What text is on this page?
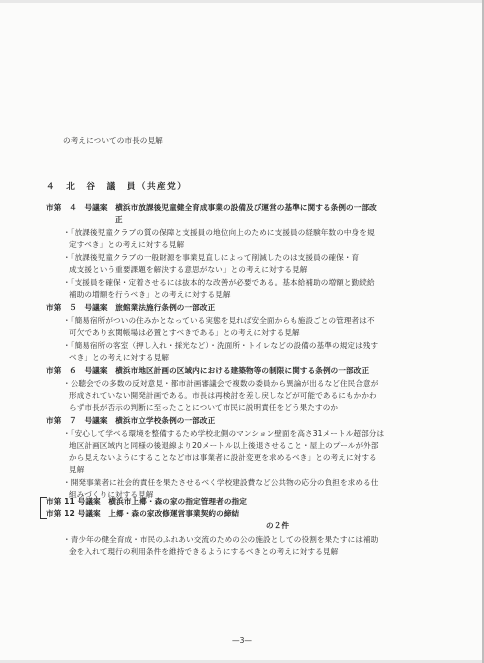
の考えについての市長の見解
４　北　谷　議　員（共産党）
市第　４　号議案　横浜市放課後児童健全育成事業の設備及び運営の基準に関する条例の一部改
正
・「放課後児童クラブの質の保障と支援員の地位向上のために支援員の経験年数の中身を規
定すべき」との考えに対する見解
・「放課後児童クラブの一般財源を事業見直しによって削減したのは支援員の確保・育
成支援という重要課題を解決する意思がない」との考えに対する見解
・「支援員を確保・定着させるには抜本的な改善が必要である。基本給補助の増額と勤続給
補助の増額を行うべき」との考えに対する見解
市第　５　号議案　旅館業法施行条例の一部改正
・「簡易宿所がついの住みかとなっている実態を見れば安全面からも施設ごとの管理者は不
可欠であり玄関帳場は必置とすべきである」との考えに対する見解
・「簡易宿所の客室（押し入れ・採光など）・洗面所・トイレなどの設備の基準の規定は残す
べき」との考えに対する見解
市第　６　号議案　横浜市地区計画の区域内における建築物等の制限に関する条例の一部改正
・公聴会での多数の反対意見・都市計画審議会で複数の委員から異論が出るなど住民合意が
形成されていない開発計画である。市長は再検討を差し戻しなどが可能であるにもかかわ
らず市長が否示の判断に至ったことについて市民に説明責任をどう果たすのか
市第　７　号議案　横浜市立学校条例の一部改正
・「安心して学べる環境を整備するため学校北側のマンション壁面を高さ31メートル超部分は
地区計画区域内と同様の後退線より20メートル以上後退させること・屋上のプールが外部
から見えないようにすることなど市は事業者に設計変更を求めるべき」との考えに対する
見解
・開発事業者に社会的責任を果たさせるべく学校建設費など公共物の応分の負担を求める仕
組みづくりに対する見解
市第 11 号議案　横浜市上郷・森の家の指定管理者の指定
市第 12 号議案　上郷・森の家改修運営事業契約の締結
の２件
・青少年の健全育成・市民のふれあい交流のための公の施設としての役割を果たすには補助
金を入れて現行の利用条件を維持できるようにするべきとの考えに対する見解
—3—
